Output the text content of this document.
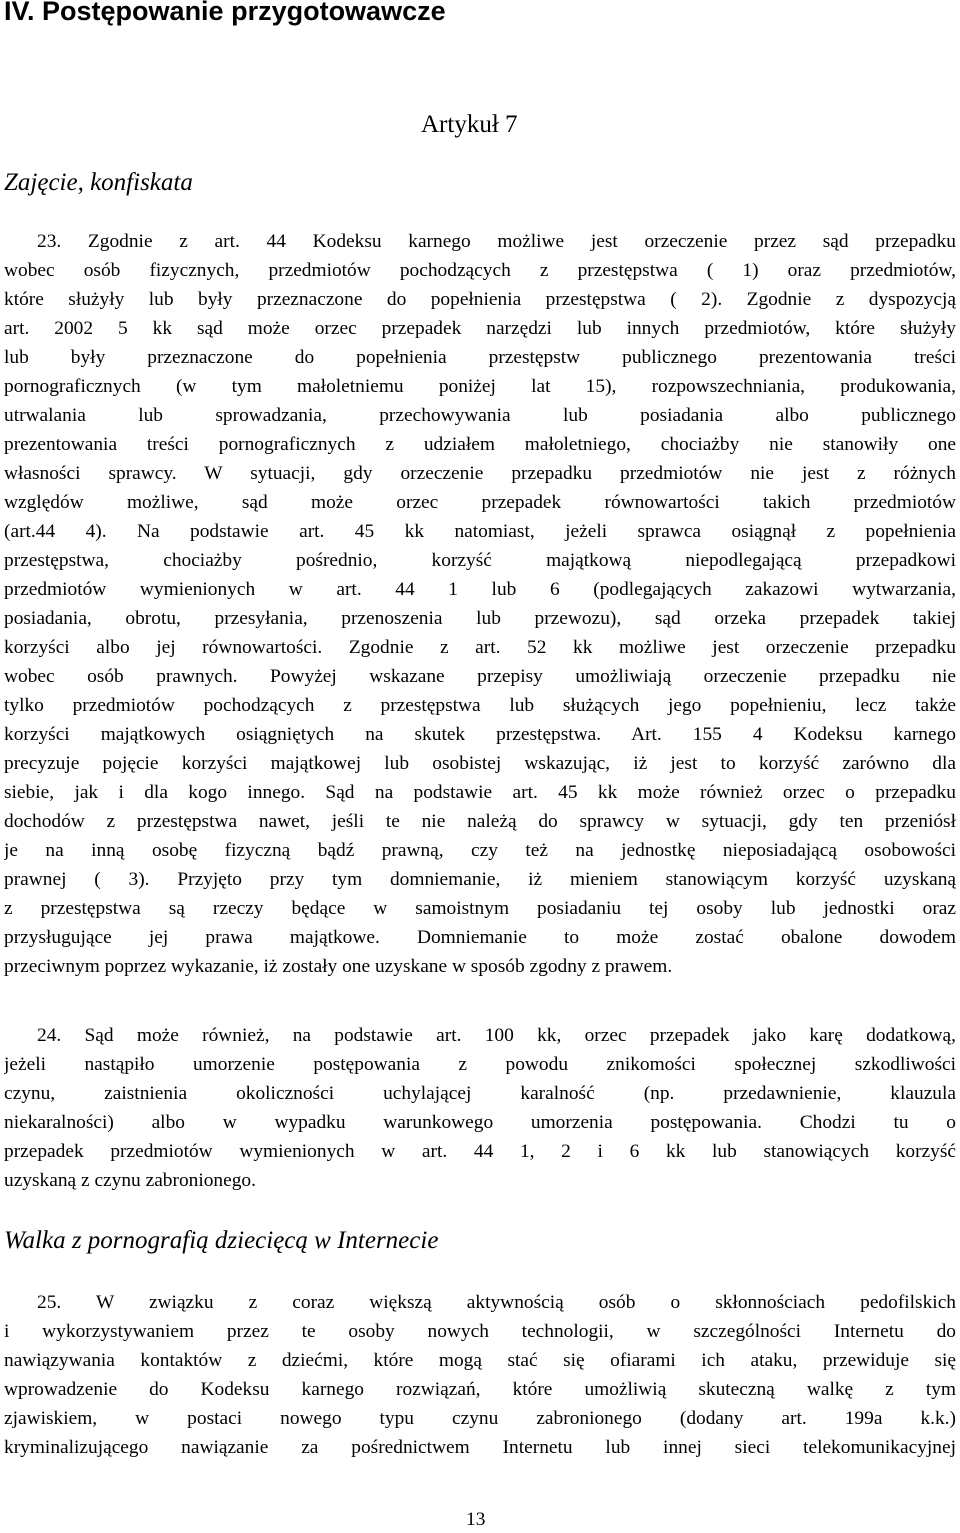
IV. Postępowanie przygotowawcze
Artykuł 7
Zajęcie, konfiskata
23. Zgodnie z art. 44 Kodeksu karnego możliwe jest orzeczenie przez sąd przepadku
wobec osób fizycznych, przedmiotów pochodzących z przestępstwa ( 1) oraz przedmiotów,
które służyły lub były przeznaczone do popełnienia przestępstwa ( 2). Zgodnie z dyspozycją
art. 2002 5 kk sąd może orzec przepadek narzędzi lub innych przedmiotów, które służyły
lub były przeznaczone do popełnienia przestępstw publicznego prezentowania treści
pornograficznych (w tym małoletniemu poniżej lat 15), rozpowszechniania, produkowania,
utrwalania lub sprowadzania, przechowywania lub posiadania albo publicznego
prezentowania treści pornograficznych z udziałem małoletniego, chociażby nie stanowiły one
własności sprawcy. W sytuacji, gdy orzeczenie przepadku przedmiotów nie jest z różnych
względów możliwe, sąd może orzec przepadek równowartości takich przedmiotów
(art.44 4). Na podstawie art. 45 kk natomiast, jeżeli sprawca osiągnął z popełnienia
przestępstwa, chociażby pośrednio, korzyść majątkową niepodlegającą przepadkowi
przedmiotów wymienionych w art. 44 1 lub 6 (podlegających zakazowi wytwarzania,
posiadania, obrotu, przesyłania, przenoszenia lub przewozu), sąd orzeka przepadek takiej
korzyści albo jej równowartości. Zgodnie z art. 52 kk możliwe jest orzeczenie przepadku
wobec osób prawnych. Powyżej wskazane przepisy umożliwiają orzeczenie przepadku nie
tylko przedmiotów pochodzących z przestępstwa lub służących jego popełnieniu, lecz także
korzyści majątkowych osiągniętych na skutek przestępstwa. Art. 155 4 Kodeksu karnego
precyzuje pojęcie korzyści majątkowej lub osobistej wskazując, iż jest to korzyść zarówno dla
siebie, jak i dla kogo innego. Sąd na podstawie art. 45 kk może również orzec o przepadku
dochodów z przestępstwa nawet, jeśli te nie należą do sprawcy w sytuacji, gdy ten przeniósł
je na inną osobę fizyczną bądź prawną, czy też na jednostkę nieposiadającą osobowości
prawnej ( 3). Przyjęto przy tym domniemanie, iż mieniem stanowiącym korzyść uzyskaną
z przestępstwa są rzeczy będące w samoistnym posiadaniu tej osoby lub jednostki oraz
przysługujące jej prawa majątkowe. Domniemanie to może zostać obalone dowodem
przeciwnym poprzez wykazanie, iż zostały one uzyskane w sposób zgodny z prawem.
24. Sąd może również, na podstawie art. 100 kk, orzec przepadek jako karę dodatkową,
jeżeli nastąpiło umorzenie postępowania z powodu znikomości społecznej szkodliwości
czynu, zaistnienia okoliczności uchylającej karalność (np. przedawnienie, klauzula
niekaralności) albo w wypadku warunkowego umorzenia postępowania. Chodzi tu o
przepadek przedmiotów wymienionych w art. 44 1, 2 i 6 kk lub stanowiących korzyść
uzyskaną z czynu zabronionego.
Walka z pornografią dziecięcą w Internecie
25. W związku z coraz większą aktywnością osób o skłonnościach pedofilskich
i wykorzystywaniem przez te osoby nowych technologii, w szczególności Internetu do
nawiązywania kontaktów z dziećmi, które mogą stać się ofiarami ich ataku, przewiduje się
wprowadzenie do Kodeksu karnego rozwiązań, które umożliwią skuteczną walkę z tym
zjawiskiem, w postaci nowego typu czynu zabronionego (dodany art. 199a k.k.)
kryminalizującego nawiązanie za pośrednictwem Internetu lub innej sieci telekomunikacyjnej
13
